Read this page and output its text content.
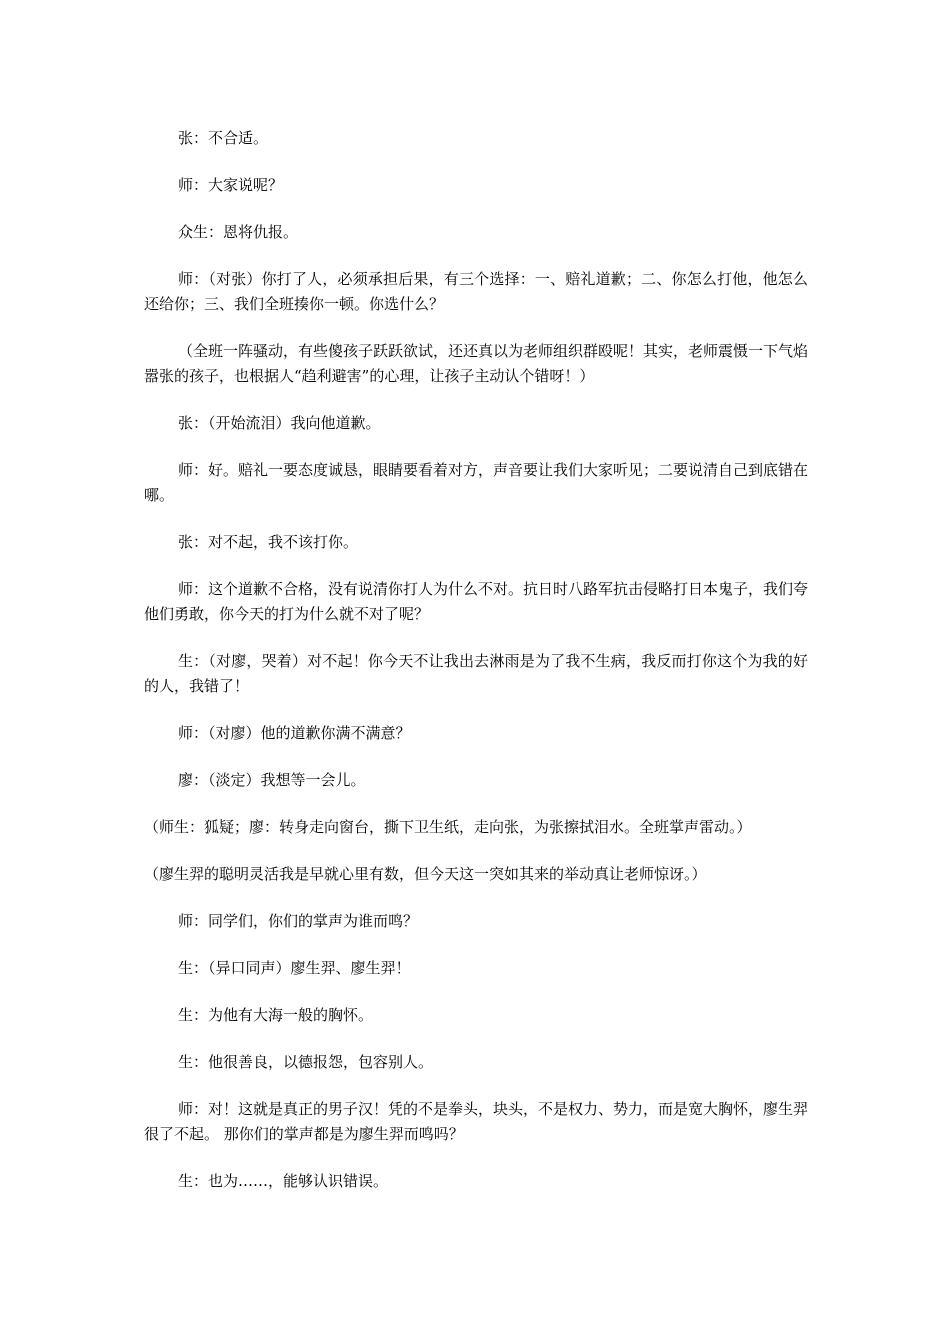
张：不合适。

师：大家说呢？

众生：恩将仇报。

师：（对张）你打了人，必须承担后果，有三个选择：一、赔礼道歉；二、你怎么打他，他怎么还给你；三、我们全班揍你一顿。你选什么？

（全班一阵骚动，有些傻孩子跃跃欲试，还还真以为老师组织群殴呢！其实，老师震慑一下气焰嚣张的孩子，也根据人“趋利避害”的心理，让孩子主动认个错呀！）

张：（开始流泪）我向他道歉。

师：好。赔礼一要态度诚恳，眼睛要看着对方，声音要让我们大家听见；二要说清自己到底错在哪。

张：对不起，我不该打你。

师：这个道歉不合格，没有说清你打人为什么不对。抗日时八路军抗击侵略打日本鬼子，我们夸他们勇敢，你今天的打为什么就不对了呢？

生：（对廖，哭着）对不起！你今天不让我出去淋雨是为了我不生病，我反而打你这个为我的好的人，我错了！

师：（对廖）他的道歉你满不满意？

廖：（淡定）我想等一会儿。

（师生：狐疑；廖：转身走向窗台，撕下卫生纸，走向张，为张擦拭泪水。全班掌声雷动。）

（廖生羿的聪明灵活我是早就心里有数，但今天这一突如其来的举动真让老师惊讶。）

师：同学们，你们的掌声为谁而鸣？

生：（异口同声）廖生羿、廖生羿！

生：为他有大海一般的胸怀。

生：他很善良，以德报怨，包容别人。

师：对！这就是真正的男子汉！凭的不是拳头，块头，不是权力、势力，而是宽大胸怀，廖生羿很了不起。 那你们的掌声都是为廖生羿而鸣吗？

生：也为……，能够认识错误。
